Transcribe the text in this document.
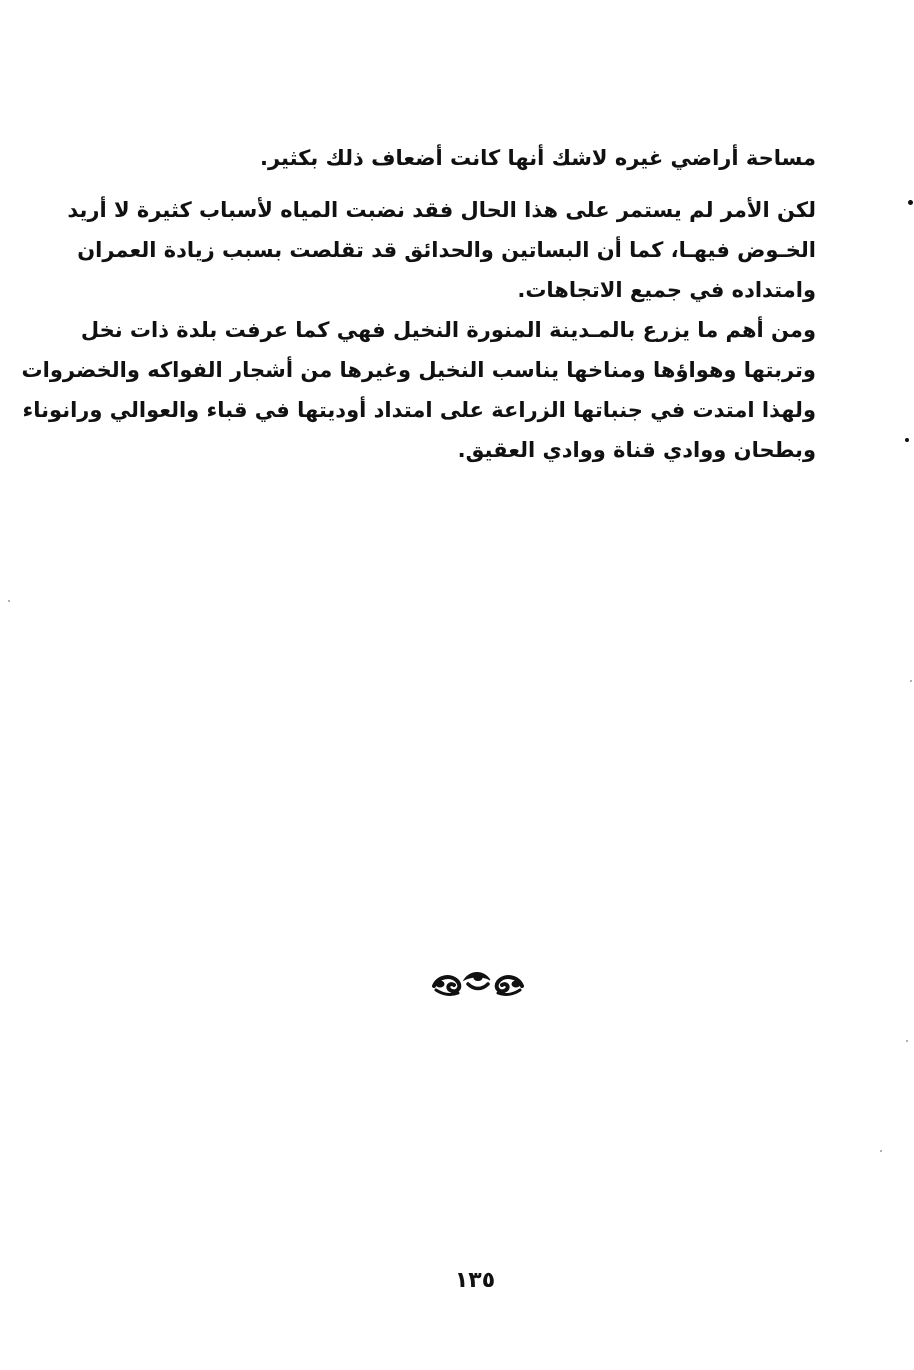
مساحة أراضي غيره لاشك أنها كانت أضعاف ذلك بكثير.
لكن الأمر لم يستمر على هذا الحال فقد نضبت المياه لأسباب كثيرة لا أريد
الخـوض فيهـا، كما أن البساتين والحدائق قد تقلصت بسبب زيادة العمران
وامتداده في جميع الاتجاهات.
ومن أهم ما يزرع بالمـدينة المنورة النخيل فهي كما عرفت بلدة ذات نخل
وتربتها وهواؤها ومناخها يناسب النخيل وغيرها من أشجار الفواكه والخضروات
ولهذا امتدت في جنباتها الزراعة على امتداد أوديتها في قباء والعوالي ورانوناء
وبطحان ووادي قناة ووادي العقيق.
١٣٥
